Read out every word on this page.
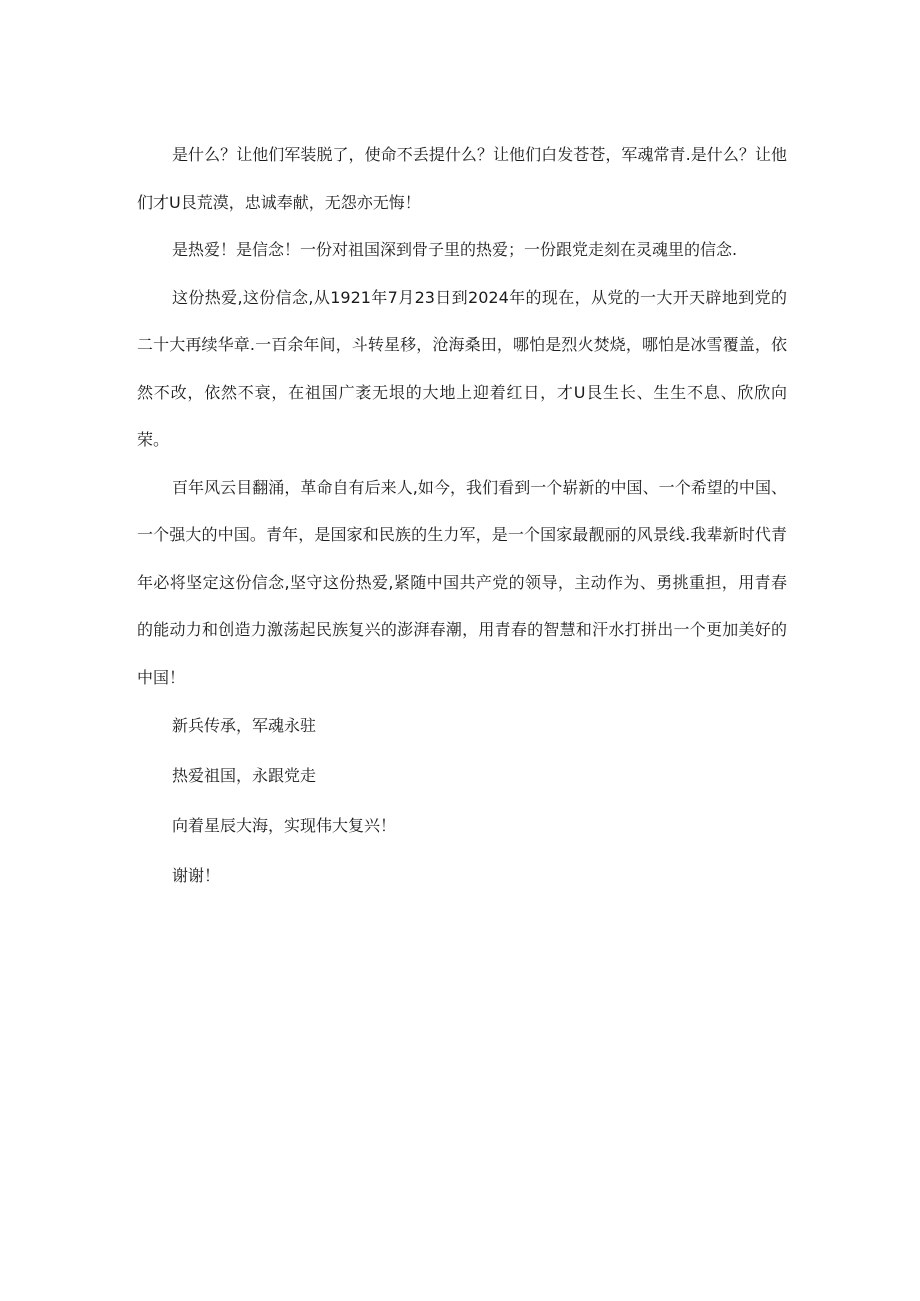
是什么？让他们军装脱了，使命不丢提什么？让他们白发苍苍，军魂常青.是什么？让他们才U艮荒漠，忠诚奉献，无怨亦无悔！

是热爱！是信念！一份对祖国深到骨子里的热爱；一份跟党走刻在灵魂里的信念.

这份热爱,这份信念,从1921年7月23日到2024年的现在，从党的一大开天辟地到党的二十大再续华章.一百余年间，斗转星移，沧海桑田，哪怕是烈火焚烧，哪怕是冰雪覆盖，依然不改，依然不衰，在祖国广袤无垠的大地上迎着红日，才U艮生长、生生不息、欣欣向荣。

百年风云目翻涌，革命自有后来人,如今，我们看到一个崭新的中国、一个希望的中国、一个强大的中国。青年，是国家和民族的生力军，是一个国家最靓丽的风景线.我辈新时代青年必将坚定这份信念,坚守这份热爱,紧随中国共产党的领导，主动作为、勇挑重担，用青春的能动力和创造力激荡起民族复兴的澎湃春潮，用青春的智慧和汗水打拼出一个更加美好的中国！

新兵传承，军魂永驻

热爱祖国，永跟党走

向着星辰大海，实现伟大复兴！

谢谢！
